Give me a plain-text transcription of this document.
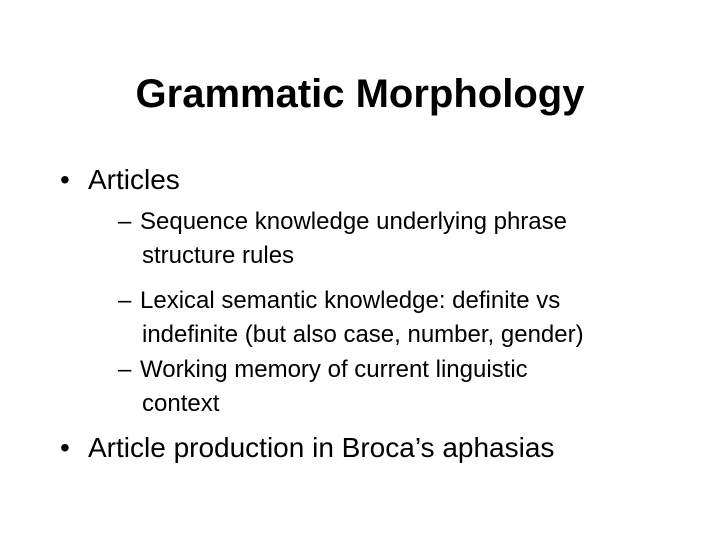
Grammatic Morphology
• Articles
– Sequence knowledge underlying phrase
structure rules
– Lexical semantic knowledge: definite vs
indefinite (but also case, number, gender)
– Working memory of current linguistic
context
• Article production in Broca’s aphasias
